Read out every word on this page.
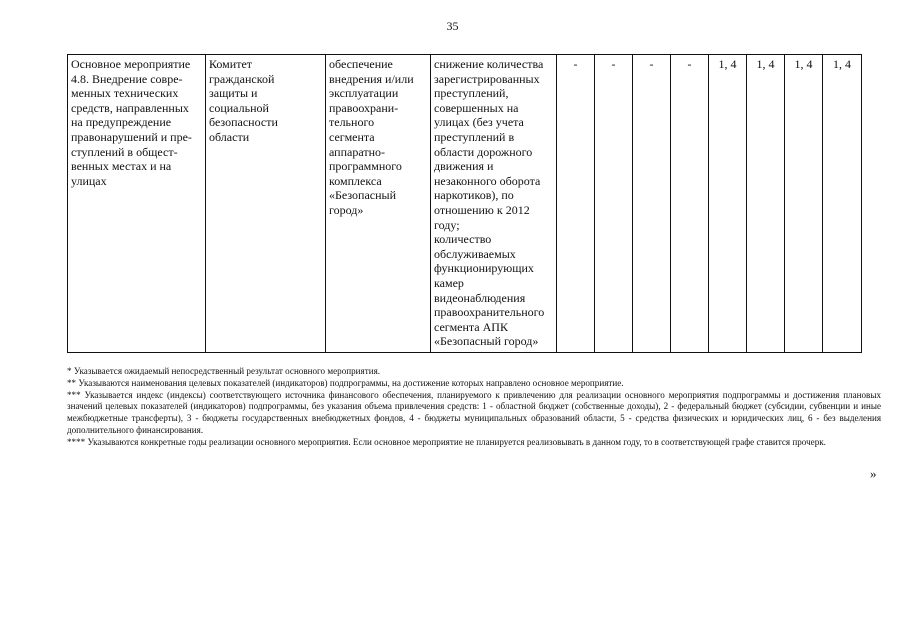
35
Основное мероприятие
4.8. Внедрение совре-
менных технических
средств, направленных
на предупреждение
правонарушений и пре-
ступлений в общест-
венных местах и на
улицах

Комитет
гражданской
защиты и
социальной
безопасности
области

обеспечение
внедрения и/или
эксплуатации
правоохрани-
тельного
сегмента
аппаратно-
программного
комплекса
«Безопасный
город»

снижение количества
зарегистрированных
преступлений,
совершенных на
улицах (без учета
преступлений в
области дорожного
движения и
незаконного оборота
наркотиков), по
отношению к 2012
году;
количество
обслуживаемых
функционирующих
камер
видеонаблюдения
правоохранительного
сегмента АПК
«Безопасный город»
	-	-	-	-	1, 4	1, 4	1, 4	1, 4
* Указывается ожидаемый непосредственный результат основного мероприятия.
** Указываются наименования целевых показателей (индикаторов) подпрограммы, на достижение которых направлено основное мероприятие.
*** Указывается индекс (индексы) соответствующего источника финансового обеспечения, планируемого к привлечению для реализации основного мероприятия подпрограммы и достижения плановых значений целевых показателей (индикаторов) подпрограммы, без указания объема привлечения средств: 1 - областной бюджет (собственные доходы), 2 - федеральный бюджет (субсидии, субвенции и иные межбюджетные трансферты), 3 - бюджеты государственных внебюджетных фондов, 4 - бюджеты муниципальных образований области, 5 - средства физических и юридических лиц, 6 - без выделения дополнительного финансирования.
**** Указываются конкретные годы реализации основного мероприятия. Если основное мероприятие не планируется реализовывать в данном году, то в соответствующей графе ставится прочерк.
»
